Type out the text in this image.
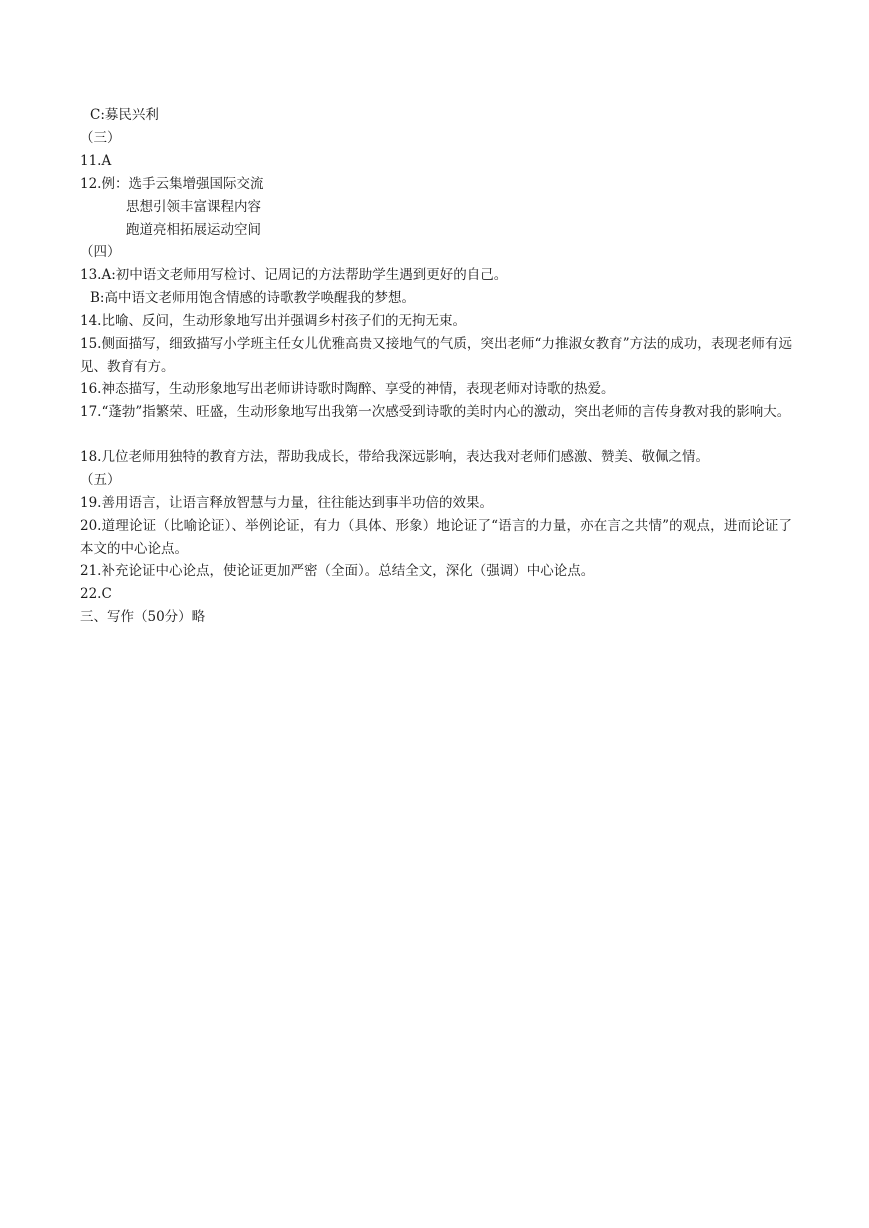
C:募民兴利
（三）
11.A
12.例：选手云集增强国际交流
思想引领丰富课程内容
跑道亮相拓展运动空间
（四）
13.A:初中语文老师用写检讨、记周记的方法帮助学生遇到更好的自己。
B:高中语文老师用饱含情感的诗歌教学唤醒我的梦想。
14.比喻、反问，生动形象地写出并强调乡村孩子们的无拘无束。
15.侧面描写，细致描写小学班主任女儿优雅高贵又接地气的气质，突出老师“力推淑女教育”方法的成功，表现老师有远见、教育有方。
16.神态描写，生动形象地写出老师讲诗歌时陶醉、享受的神情，表现老师对诗歌的热爱。
17.“蓬勃”指繁荣、旺盛，生动形象地写出我第一次感受到诗歌的美时内心的激动，突出老师的言传身教对我的影响大。
18.几位老师用独特的教育方法，帮助我成长，带给我深远影响，表达我对老师们感激、赞美、敬佩之情。
（五）
19.善用语言，让语言释放智慧与力量，往往能达到事半功倍的效果。
20.道理论证（比喻论证）、举例论证，有力（具体、形象）地论证了“语言的力量，亦在言之共情”的观点，进而论证了本文的中心论点。
21.补充论证中心论点，使论证更加严密（全面）。总结全文，深化（强调）中心论点。
22.C
三、写作（50分）略
